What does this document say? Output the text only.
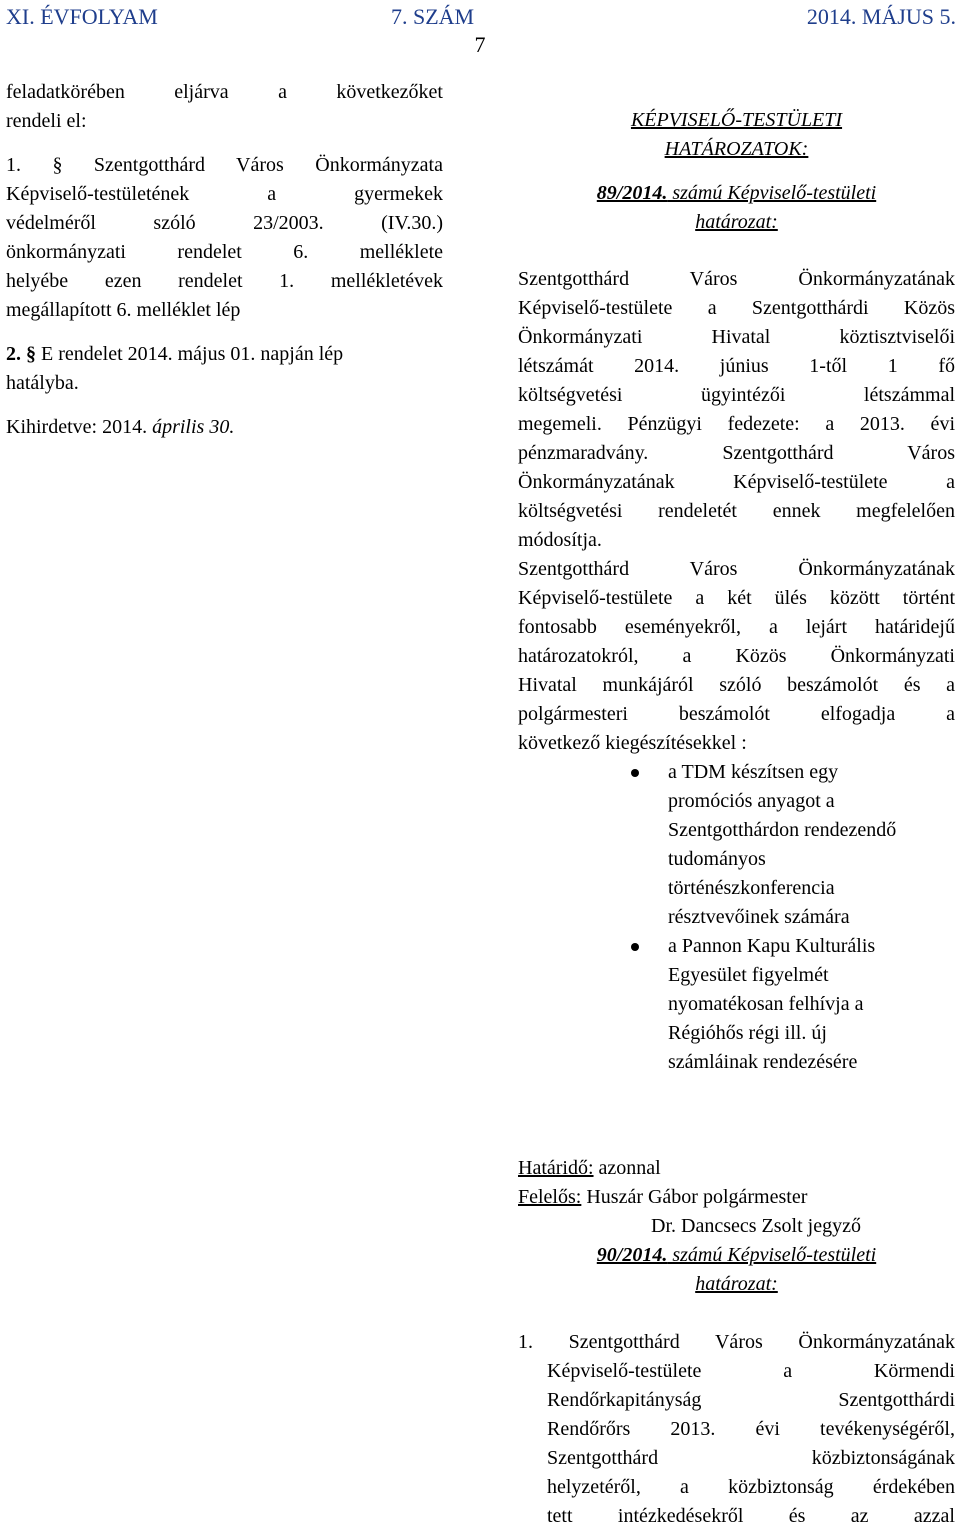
XI. ÉVFOLYAM	7. SZÁM	2014. MÁJUS 5.
7
feladatkörében eljárva a következőket
rendeli el:
1. § Szentgotthárd Város Önkormányzata
Képviselő-testületének a gyermekek
védelméről szóló 23/2003. (IV.30.)
önkormányzati rendelet 6. melléklete
helyébe ezen rendelet 1. mellékletévek
megállapított 6. melléklet lép
2. § E rendelet 2014. május 01. napján lép
hatályba.
Kihirdetve: 2014. április 30.
KÉPVISELŐ-TESTÜLETI
HATÁROZATOK:
89/2014. számú Képviselő-testületi
határozat:
Szentgotthárd Város Önkormányzatának
Képviselő-testülete a Szentgotthárdi Közös
Önkormányzati Hivatal köztisztviselői
létszámát 2014. június 1-től 1 fő
költségvetési ügyintézői létszámmal
megemeli. Pénzügyi fedezete: a 2013. évi
pénzmaradvány. Szentgotthárd Város
Önkormányzatának Képviselő-testülete a
költségvetési rendeletét ennek megfelelően
módosítja.
Szentgotthárd Város Önkormányzatának
Képviselő-testülete a két ülés között történt
fontosabb eseményekről, a lejárt határidejű
határozatokról, a Közös Önkormányzati
Hivatal munkájáról szóló beszámolót és a
polgármesteri beszámolót elfogadja a
következő kiegészítésekkel :
a TDM készítsen egy
promóciós anyagot a
Szentgotthárdon rendezendő
tudományos
történészkonferencia
résztvevőinek számára
a Pannon Kapu Kulturális
Egyesület figyelmét
nyomatékosan felhívja a
Régióhős régi ill. új
számláinak rendezésére
Határidő: azonnal
Felelős: Huszár Gábor polgármester
Dr. Dancsecs Zsolt jegyző
90/2014. számú Képviselő-testületi
határozat:
1. Szentgotthárd Város Önkormányzatának
Képviselő-testülete a Körmendi
Rendőrkapitányság Szentgotthárdi
Rendőrőrs 2013. évi tevékenységéről,
Szentgotthárd közbiztonságának
helyzetéről, a közbiztonság érdekében
tett intézkedésekről és az azzal
